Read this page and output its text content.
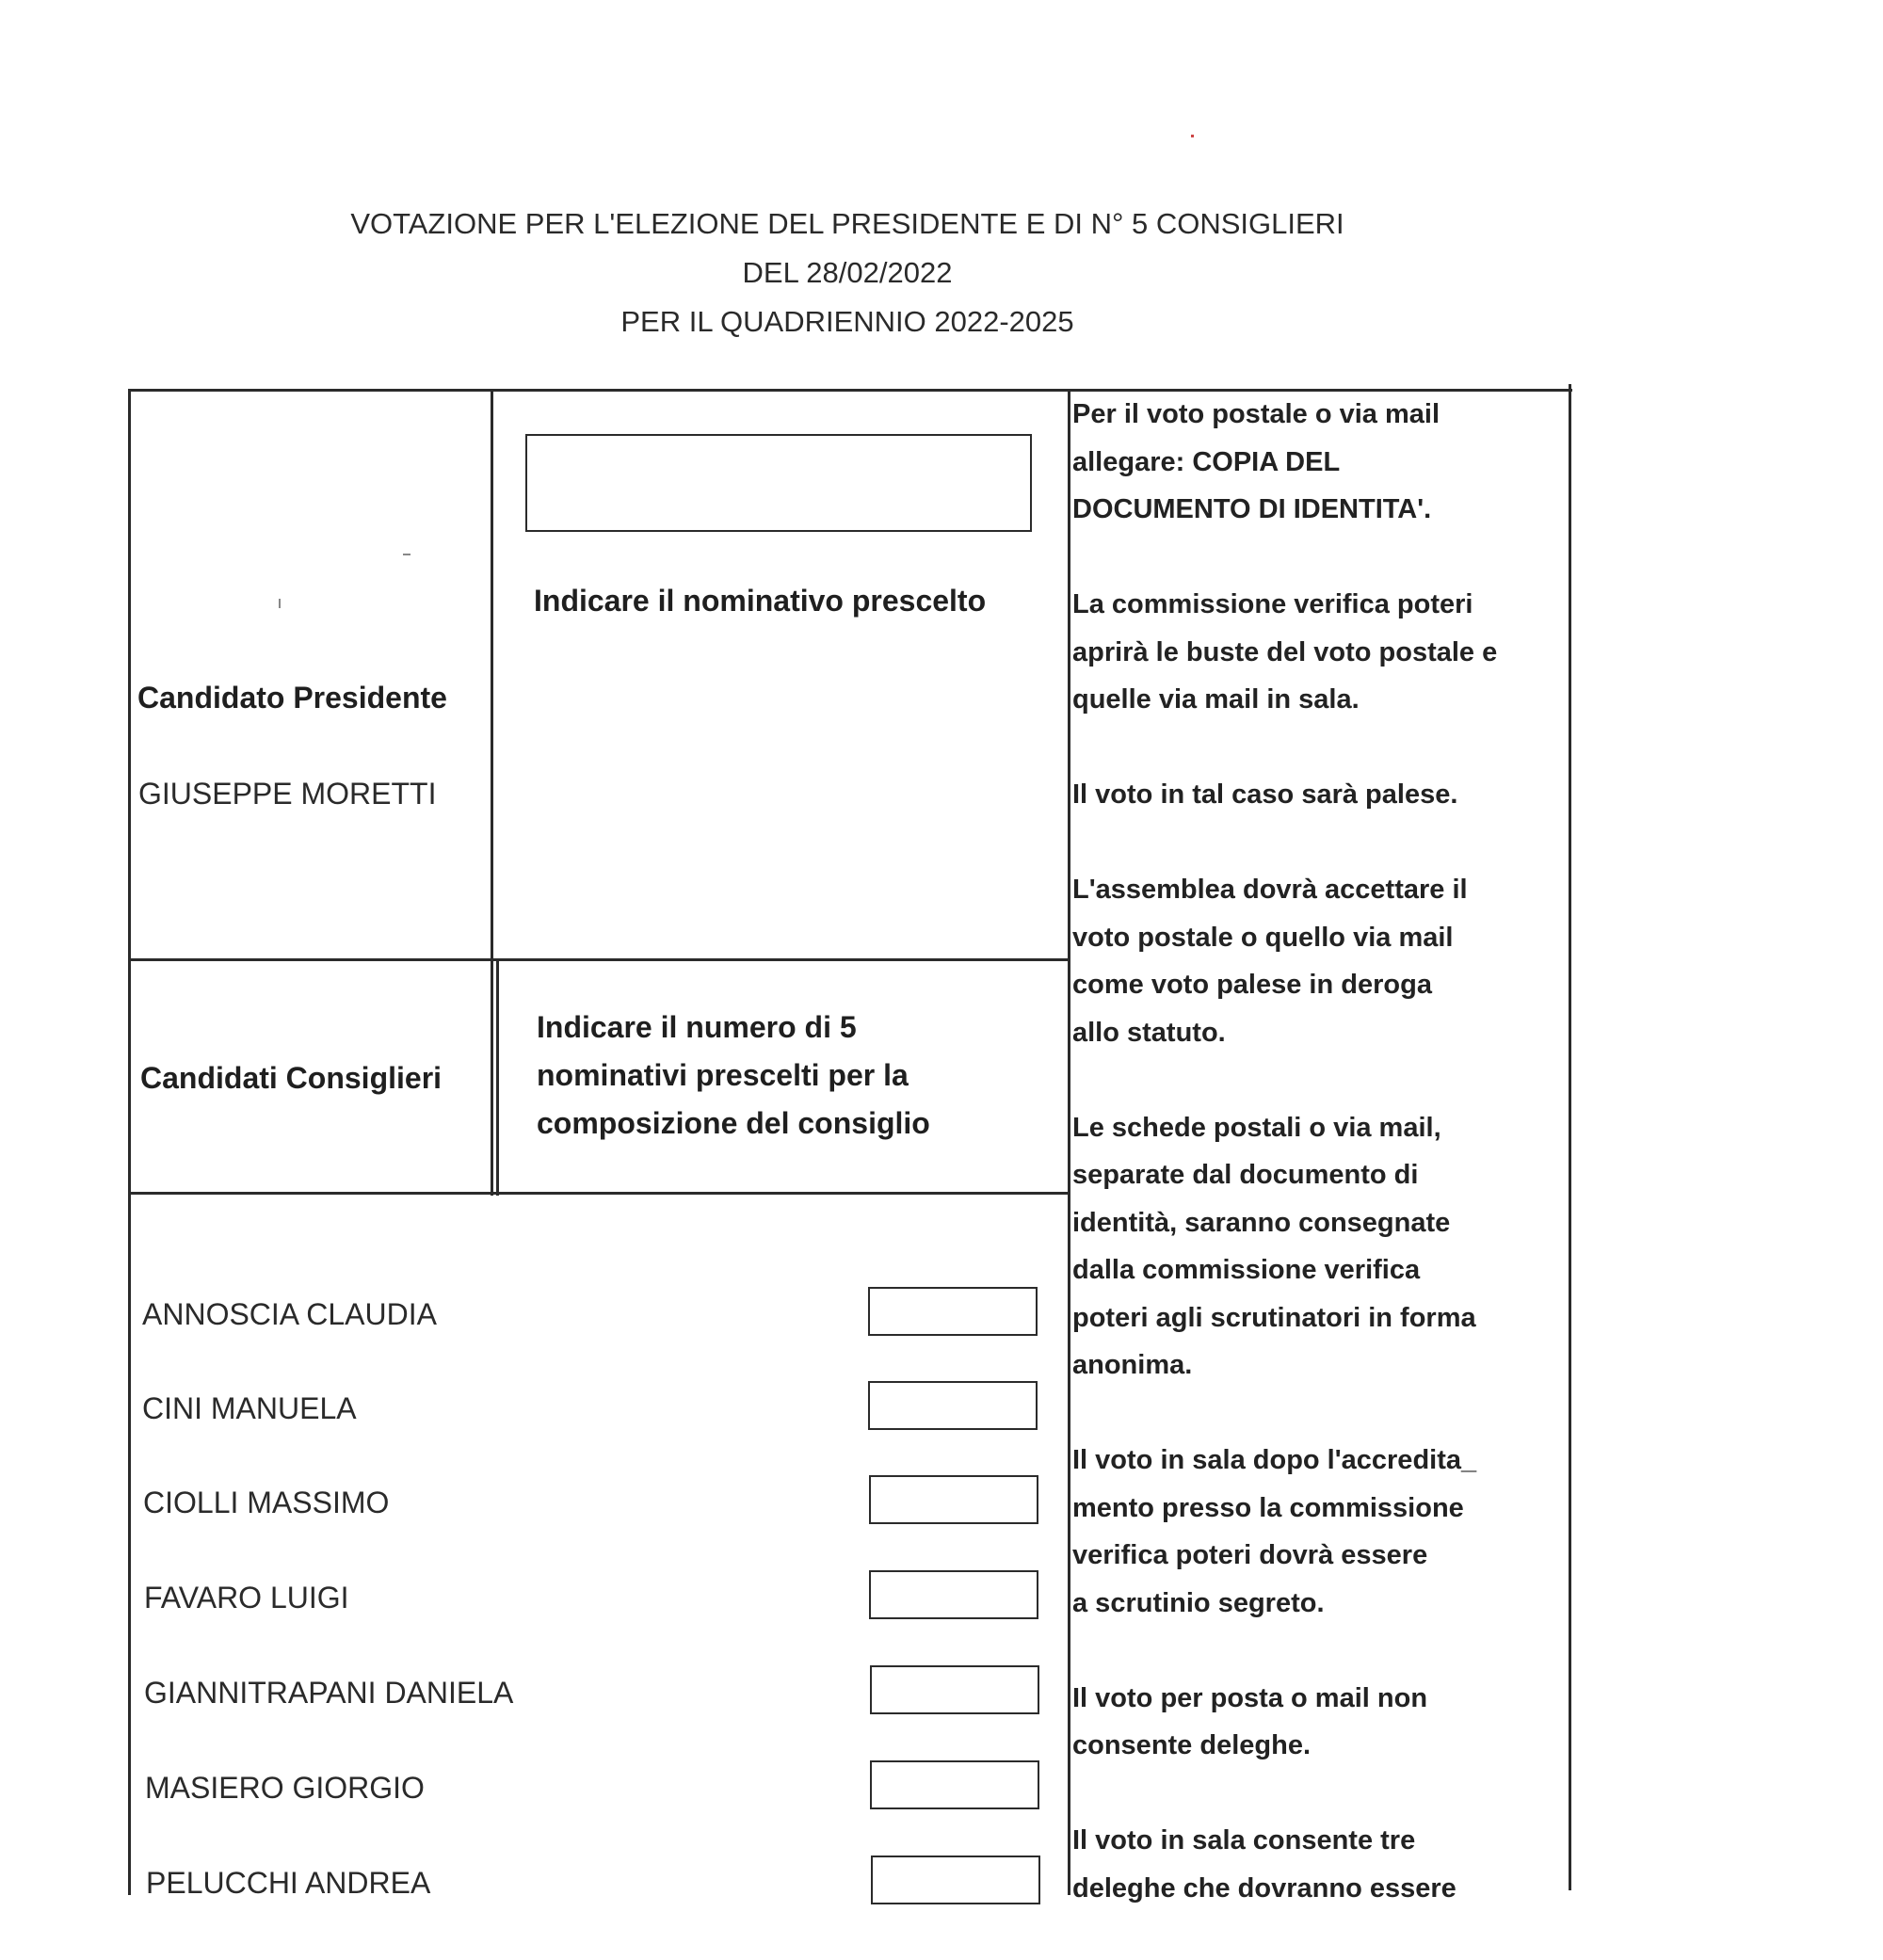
VOTAZIONE PER L'ELEZIONE DEL PRESIDENTE E DI N° 5 CONSIGLIERI
DEL 28/02/2022
PER IL QUADRIENNIO 2022-2025
Indicare il nominativo prescelto
Candidato Presidente
GIUSEPPE MORETTI
Candidati Consiglieri
Indicare il numero di 5
nominativi prescelti per la
composizione del consiglio
ANNOSCIA CLAUDIA
CINI MANUELA
CIOLLI MASSIMO
FAVARO LUIGI
GIANNITRAPANI DANIELA
MASIERO GIORGIO
PELUCCHI ANDREA

Per il voto postale o via mail
allegare: COPIA DEL
DOCUMENTO DI IDENTITA'.

La commissione verifica poteri
aprirà le buste del voto postale e
quelle via mail in sala.

Il voto in tal caso sarà palese.

L'assemblea dovrà accettare il
voto postale o quello via mail
come voto palese in deroga
allo statuto.

Le schede postali o via mail,
separate dal documento di
identità, saranno consegnate
dalla commissione verifica
poteri agli scrutinatori in forma
anonima.

Il voto in sala dopo l'accredita_
mento presso la commissione
verifica poteri dovrà essere
a scrutinio segreto.

Il voto per posta o mail non
consente deleghe.

Il voto in sala consente tre
deleghe che dovranno essere
